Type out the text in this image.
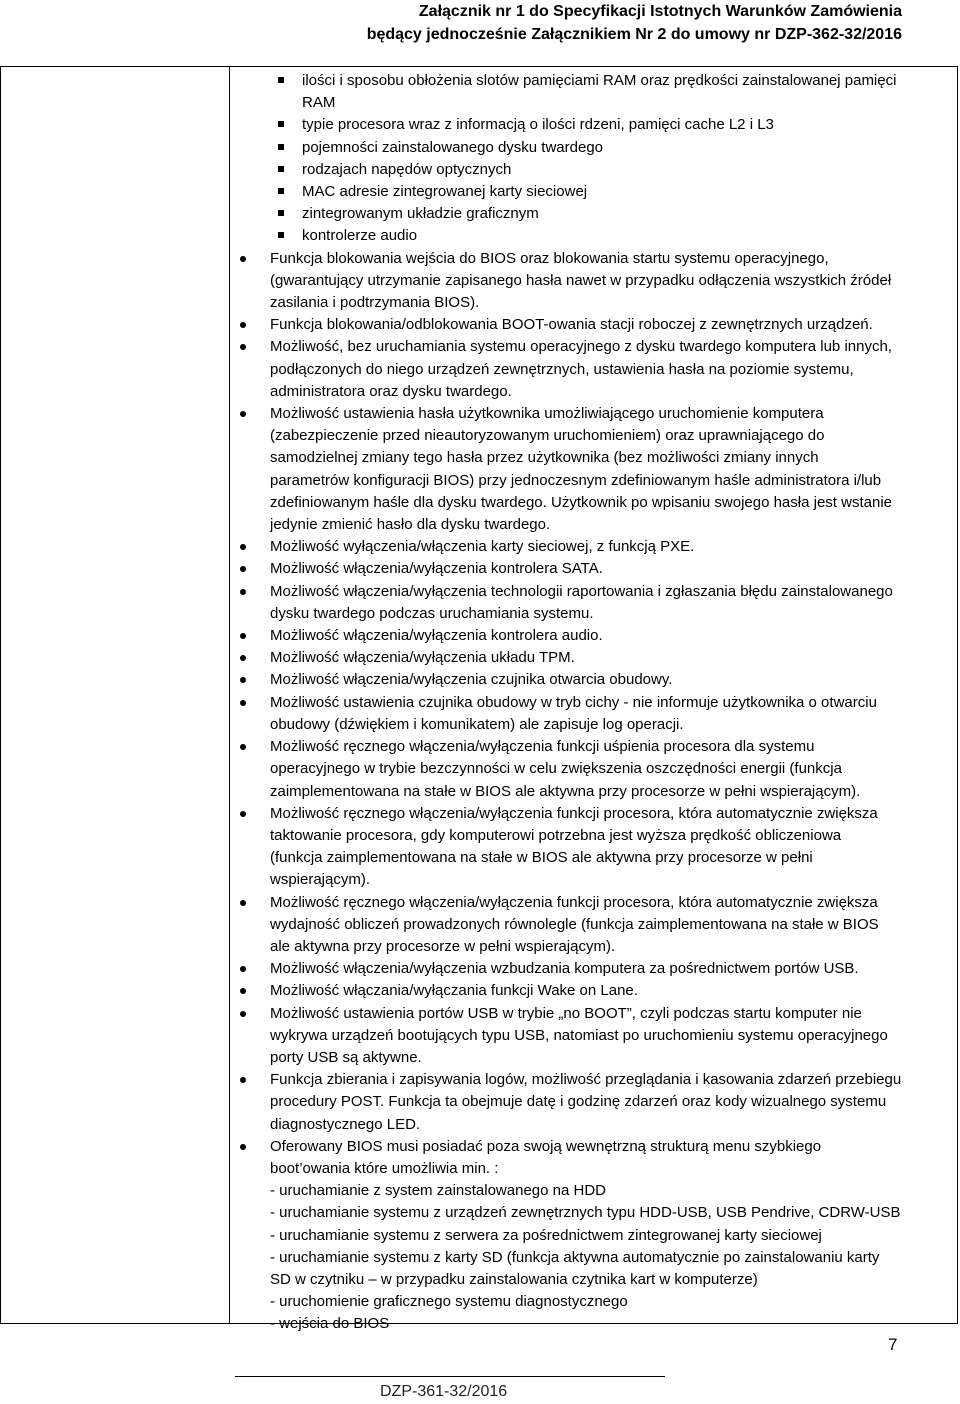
Załącznik nr 1 do Specyfikacji Istotnych Warunków Zamówienia
będący jednocześnie Załącznikiem Nr 2 do umowy nr DZP-362-32/2016
ilości i sposobu obłożenia slotów pamięciami RAM oraz prędkości zainstalowanej pamięci
RAM
typie procesora wraz z informacją o ilości rdzeni, pamięci cache L2 i L3
pojemności zainstalowanego dysku twardego
rodzajach napędów optycznych
MAC adresie zintegrowanej karty sieciowej
zintegrowanym układzie graficznym
kontrolerze audio
Funkcja blokowania wejścia do BIOS oraz blokowania startu systemu operacyjnego,
(gwarantujący utrzymanie zapisanego hasła nawet w przypadku odłączenia wszystkich źródeł
zasilania i podtrzymania BIOS).
Funkcja blokowania/odblokowania BOOT-owania stacji roboczej z zewnętrznych urządzeń.
Możliwość, bez uruchamiania systemu operacyjnego z dysku twardego komputera lub innych,
podłączonych do niego urządzeń zewnętrznych, ustawienia hasła na poziomie systemu,
administratora oraz dysku twardego.
Możliwość ustawienia hasła użytkownika umożliwiającego uruchomienie komputera
(zabezpieczenie przed nieautoryzowanym uruchomieniem) oraz uprawniającego do
samodzielnej zmiany tego hasła przez użytkownika (bez możliwości zmiany innych
parametrów konfiguracji BIOS) przy jednoczesnym zdefiniowanym haśle administratora i/lub
zdefiniowanym haśle dla dysku twardego. Użytkownik po wpisaniu swojego hasła jest wstanie
jedynie zmienić hasło dla dysku twardego.
Możliwość wyłączenia/włączenia karty sieciowej, z funkcją PXE.
Możliwość włączenia/wyłączenia kontrolera SATA.
Możliwość włączenia/wyłączenia technologii raportowania i zgłaszania błędu zainstalowanego
dysku twardego podczas uruchamiania systemu.
Możliwość włączenia/wyłączenia kontrolera audio.
Możliwość włączenia/wyłączenia układu TPM.
Możliwość włączenia/wyłączenia czujnika otwarcia obudowy.
Możliwość ustawienia czujnika obudowy w tryb cichy - nie informuje użytkownika o otwarciu
obudowy (dźwiękiem i komunikatem) ale zapisuje log operacji.
Możliwość ręcznego włączenia/wyłączenia funkcji uśpienia procesora dla systemu
operacyjnego w trybie bezczynności w celu zwiększenia oszczędności energii (funkcja
zaimplementowana na stałe w BIOS ale aktywna przy procesorze w pełni wspierającym).
Możliwość ręcznego włączenia/wyłączenia funkcji procesora, która automatycznie zwiększa
taktowanie procesora, gdy komputerowi potrzebna jest wyższa prędkość obliczeniowa
(funkcja zaimplementowana na stałe w BIOS ale aktywna przy procesorze w pełni
wspierającym).
Możliwość ręcznego włączenia/wyłączenia funkcji procesora, która automatycznie zwiększa
wydajność obliczeń prowadzonych równolegle (funkcja zaimplementowana na stałe w BIOS
ale aktywna przy procesorze w pełni wspierającym).
Możliwość włączenia/wyłączenia wzbudzania komputera za pośrednictwem portów USB.
Możliwość włączania/wyłączania funkcji Wake on Lane.
Możliwość ustawienia portów USB w trybie „no BOOT”, czyli podczas startu komputer nie
wykrywa urządzeń bootujących typu USB, natomiast po uruchomieniu systemu operacyjnego
porty USB są aktywne.
Funkcja zbierania i zapisywania logów, możliwość przeglądania i kasowania zdarzeń przebiegu
procedury POST. Funkcja ta obejmuje datę i godzinę zdarzeń oraz kody wizualnego systemu
diagnostycznego LED.
Oferowany BIOS musi posiadać poza swoją wewnętrzną strukturą menu szybkiego
boot’owania które umożliwia min. :
- uruchamianie z system zainstalowanego na HDD
- uruchamianie systemu z urządzeń zewnętrznych typu HDD-USB, USB Pendrive, CDRW-USB
- uruchamianie systemu z serwera za pośrednictwem zintegrowanej karty sieciowej
- uruchamianie systemu z karty SD (funkcja aktywna automatycznie po zainstalowaniu karty
SD w czytniku – w przypadku zainstalowania czytnika kart w komputerze)
- uruchomienie graficznego systemu diagnostycznego
- wejścia do BIOS
7
DZP-361-32/2016
